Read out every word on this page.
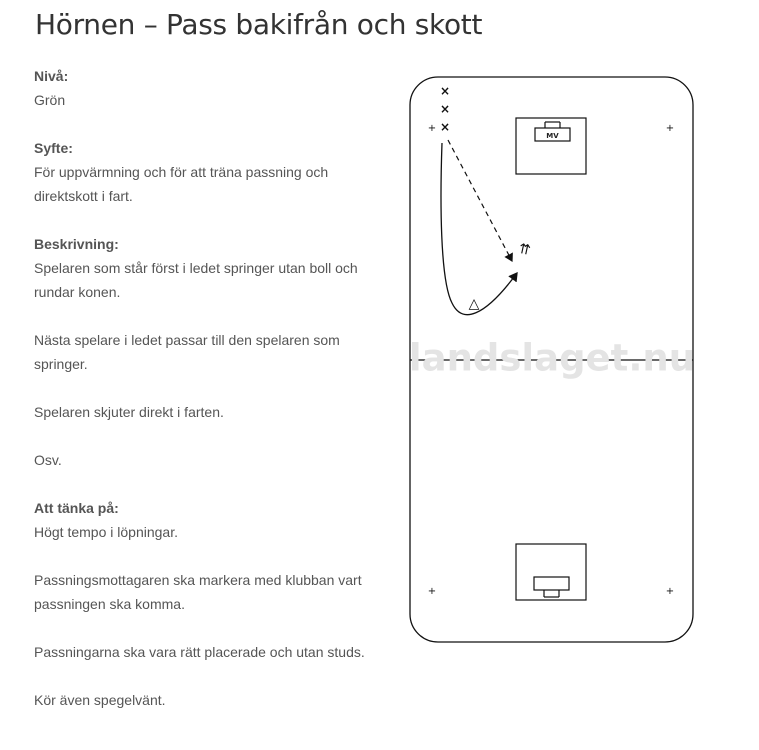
Hörnen – Pass bakifrån och skott

Nivå:
Grön

Syfte:
För uppvärmning och för att träna passning och direktskott i fart.

Beskrivning:
Spelaren som står först i ledet springer utan boll och rundar konen.

Nästa spelare i ledet passar till den spelaren som springer.

Spelaren skjuter direkt i farten.

Osv.

Att tänka på:
Högt tempo i löpningar.

Passningsmottagaren ska markera med klubban vart passningen ska komma.

Passningarna ska vara rätt placerade och utan studs.

Kör även spegelvänt.

landslaget.nu
MV
+	+
+	+
×
×
×
△
⇈
